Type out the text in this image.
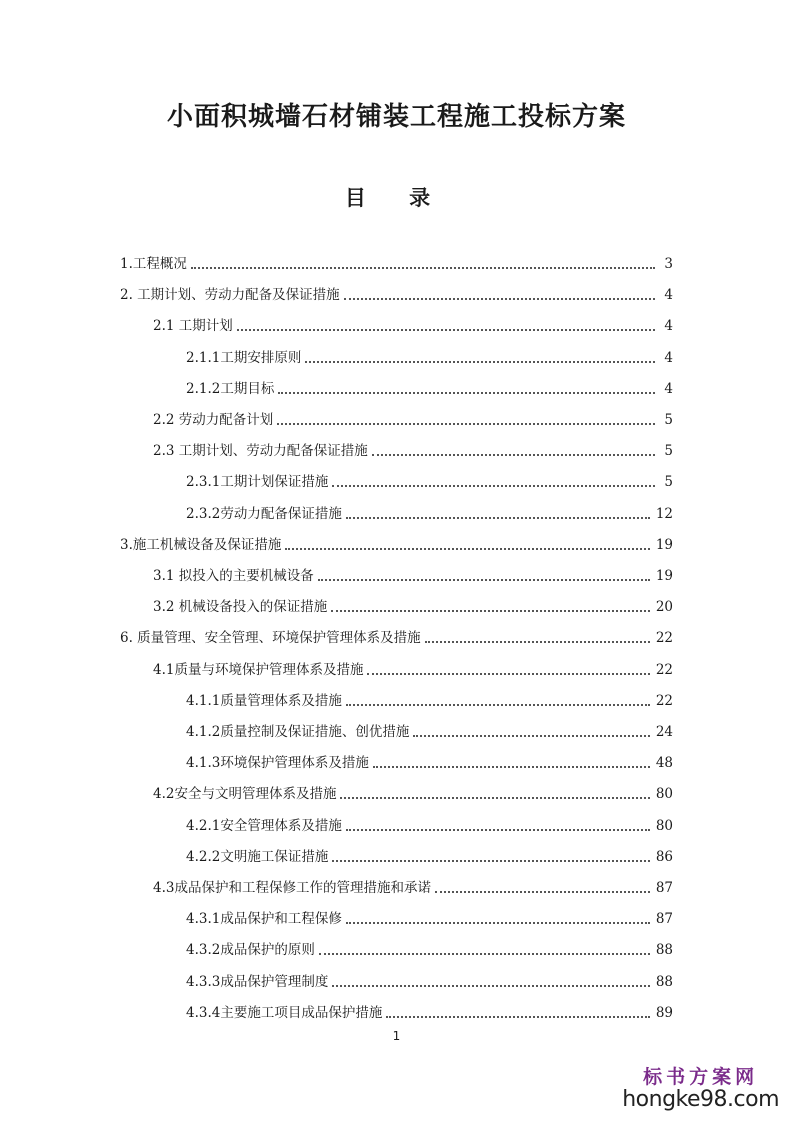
小面积城墙石材铺装工程施工投标方案
目 录
1.工程概况	3
2. 工期计划、劳动力配备及保证措施	4
2.1 工期计划	4
2.1.1工期安排原则	4
2.1.2工期目标	4
2.2 劳动力配备计划	5
2.3 工期计划、劳动力配备保证措施	5
2.3.1工期计划保证措施	5
2.3.2劳动力配备保证措施	12
3.施工机械设备及保证措施	19
3.1 拟投入的主要机械设备	19
3.2 机械设备投入的保证措施	20
6. 质量管理、安全管理、环境保护管理体系及措施	22
4.1质量与环境保护管理体系及措施	22
4.1.1质量管理体系及措施	22
4.1.2质量控制及保证措施、创优措施	24
4.1.3环境保护管理体系及措施	48
4.2安全与文明管理体系及措施	80
4.2.1安全管理体系及措施	80
4.2.2文明施工保证措施	86
4.3成品保护和工程保修工作的管理措施和承诺	87
4.3.1成品保护和工程保修	87
4.3.2成品保护的原则	88
4.3.3成品保护管理制度	88
4.3.4主要施工项目成品保护措施	89
1
标书方案网
hongke98.com
